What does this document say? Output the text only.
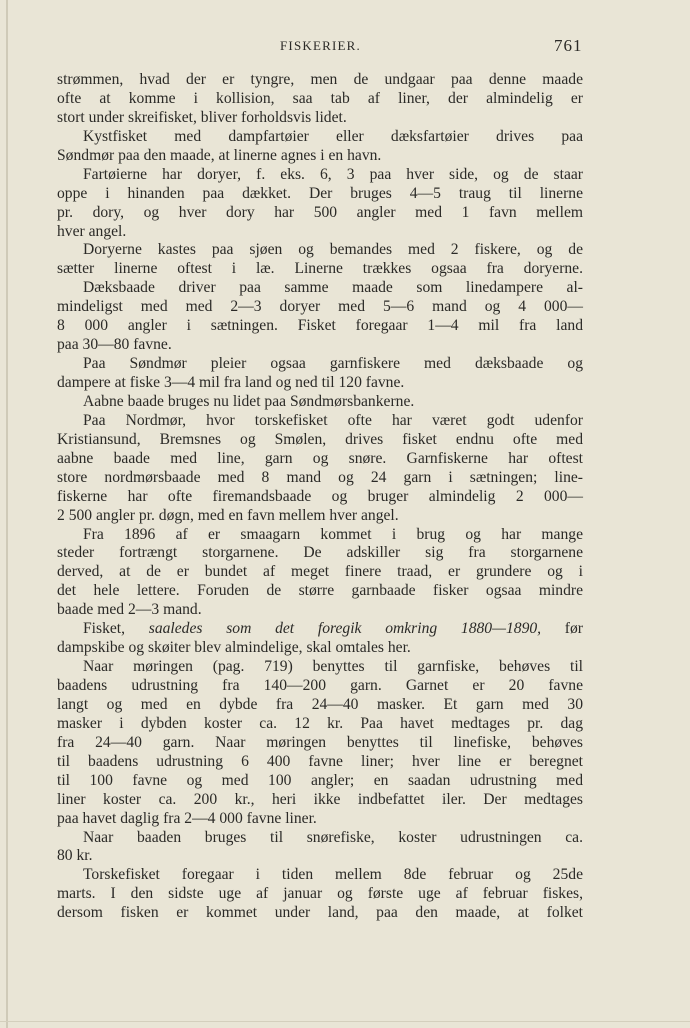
FISKERIER.	761
strømmen, hvad der er tyngre, men de undgaar paa denne maade
ofte at komme i kollision, saa tab af liner, der almindelig er
stort under skreifisket, bliver forholdsvis lidet.
Kystfisket med dampfartøier eller dæksfartøier drives paa
Søndmør paa den maade, at linerne agnes i en havn.
Fartøierne har doryer, f. eks. 6, 3 paa hver side, og de staar
oppe i hinanden paa dækket. Der bruges 4—5 traug til linerne
pr. dory, og hver dory har 500 angler med 1 favn mellem
hver angel.
Doryerne kastes paa sjøen og bemandes med 2 fiskere, og de
sætter linerne oftest i læ. Linerne trækkes ogsaa fra doryerne.
Dæksbaade driver paa samme maade som linedampere al-
mindeligst med med 2—3 doryer med 5—6 mand og 4 000—
8 000 angler i sætningen. Fisket foregaar 1—4 mil fra land
paa 30—80 favne.
Paa Søndmør pleier ogsaa garnfiskere med dæksbaade og
dampere at fiske 3—4 mil fra land og ned til 120 favne.
Aabne baade bruges nu lidet paa Søndmørsbankerne.
Paa Nordmør, hvor torskefisket ofte har været godt udenfor
Kristiansund, Bremsnes og Smølen, drives fisket endnu ofte med
aabne baade med line, garn og snøre. Garnfiskerne har oftest
store nordmørsbaade med 8 mand og 24 garn i sætningen; line-
fiskerne har ofte firemandsbaade og bruger almindelig 2 000—
2 500 angler pr. døgn, med en favn mellem hver angel.
Fra 1896 af er smaagarn kommet i brug og har mange
steder fortrængt storgarnene. De adskiller sig fra storgarnene
derved, at de er bundet af meget finere traad, er grundere og i
det hele lettere. Foruden de større garnbaade fisker ogsaa mindre
baade med 2—3 mand.
Fisket, saaledes som det foregik omkring 1880—1890, før
dampskibe og skøiter blev almindelige, skal omtales her.
Naar møringen (pag. 719) benyttes til garnfiske, behøves til
baadens udrustning fra 140—200 garn. Garnet er 20 favne
langt og med en dybde fra 24—40 masker. Et garn med 30
masker i dybden koster ca. 12 kr. Paa havet medtages pr. dag
fra 24—40 garn. Naar møringen benyttes til linefiske, behøves
til baadens udrustning 6 400 favne liner; hver line er beregnet
til 100 favne og med 100 angler; en saadan udrustning med
liner koster ca. 200 kr., heri ikke indbefattet iler. Der medtages
paa havet daglig fra 2—4 000 favne liner.
Naar baaden bruges til snørefiske, koster udrustningen ca.
80 kr.
Torskefisket foregaar i tiden mellem 8de februar og 25de
marts. I den sidste uge af januar og første uge af februar fiskes,
dersom fisken er kommet under land, paa den maade, at folket
